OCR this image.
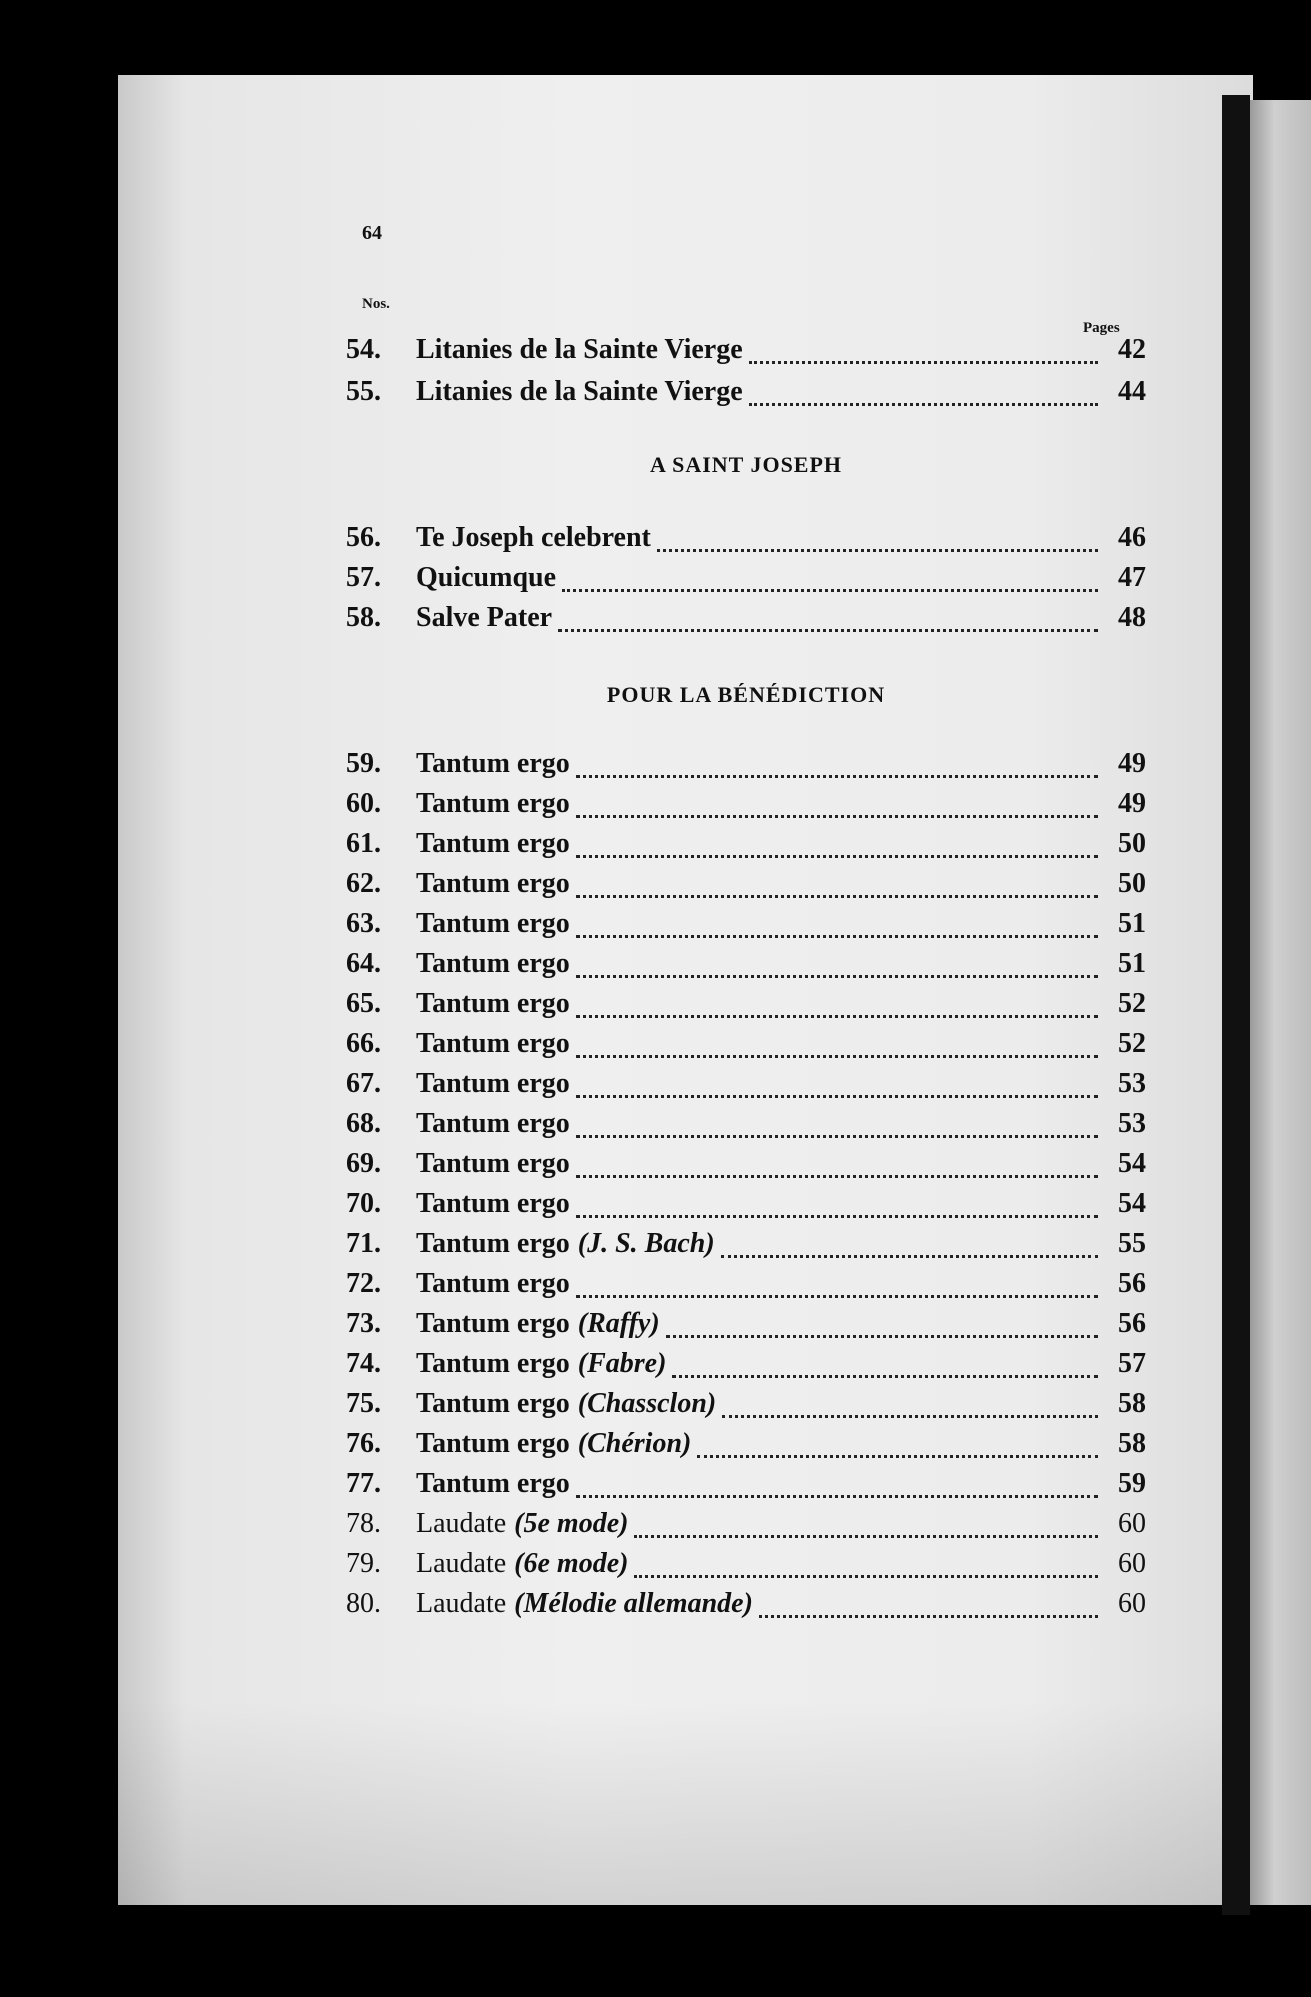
64
Nos.
Pages
54.	Litanies de la Sainte Vierge	42
55.	Litanies de la Sainte Vierge	44
A SAINT JOSEPH
56.	Te Joseph celebrent	46
57.	Quicumque	47
58.	Salve Pater	48
POUR LA BÉNÉDICTION
59.	Tantum ergo	49
60.	Tantum ergo	49
61.	Tantum ergo	50
62.	Tantum ergo	50
63.	Tantum ergo	51
64.	Tantum ergo	51
65.	Tantum ergo	52
66.	Tantum ergo	52
67.	Tantum ergo	53
68.	Tantum ergo	53
69.	Tantum ergo	54
70.	Tantum ergo	54
71.	Tantum ergo (J. S. Bach)	55
72.	Tantum ergo	56
73.	Tantum ergo (Raffy)	56
74.	Tantum ergo (Fabre)	57
75.	Tantum ergo (Chassclon)	58
76.	Tantum ergo (Chérion)	58
77.	Tantum ergo	59
78.	Laudate (5e mode)	60
79.	Laudate (6e mode)	60
80.	Laudate (Mélodie allemande)	60
